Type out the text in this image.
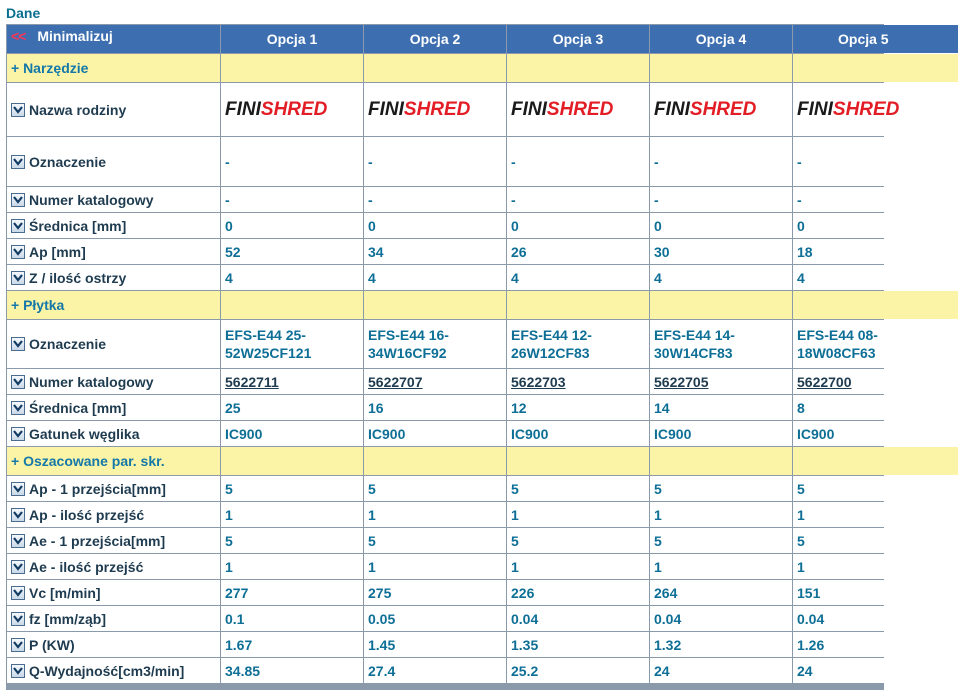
Dane
<< Minimalizuj	Opcja 1	Opcja 2	Opcja 3	Opcja 4	Opcja 5
+ Narzędzie					

Nazwa rodziny	FINISHRED	FINISHRED	FINISHRED	FINISHRED	FINISHRED

Oznaczenie	-	-	-	-	-

Numer katalogowy	-	-	-	-	-

Średnica [mm]	0	0	0	0	0

Ap [mm]	52	34	26	30	18

Z / ilość ostrzy	4	4	4	4	4
+ Płytka					

Oznaczenie	EFS-E44 25-52W25CF121	EFS-E44 16-34W16CF92	EFS-E44 12-26W12CF83	EFS-E44 14-30W14CF83	EFS-E44 08-18W08CF63

Numer katalogowy	5622711	5622707	5622703	5622705	5622700

Średnica [mm]	25	16	12	14	8

Gatunek węglika	IC900	IC900	IC900	IC900	IC900
+ Oszacowane par. skr.					

Ap - 1 przejścia[mm]	5	5	5	5	5

Ap - ilość przejść	1	1	1	1	1

Ae - 1 przejścia[mm]	5	5	5	5	5

Ae - ilość przejść	1	1	1	1	1

Vc [m/min]	277	275	226	264	151

fz [mm/ząb]	0.1	0.05	0.04	0.04	0.04

P (KW)	1.67	1.45	1.35	1.32	1.26

Q-Wydajność[cm3/min]	34.85	27.4	25.2	24	24
